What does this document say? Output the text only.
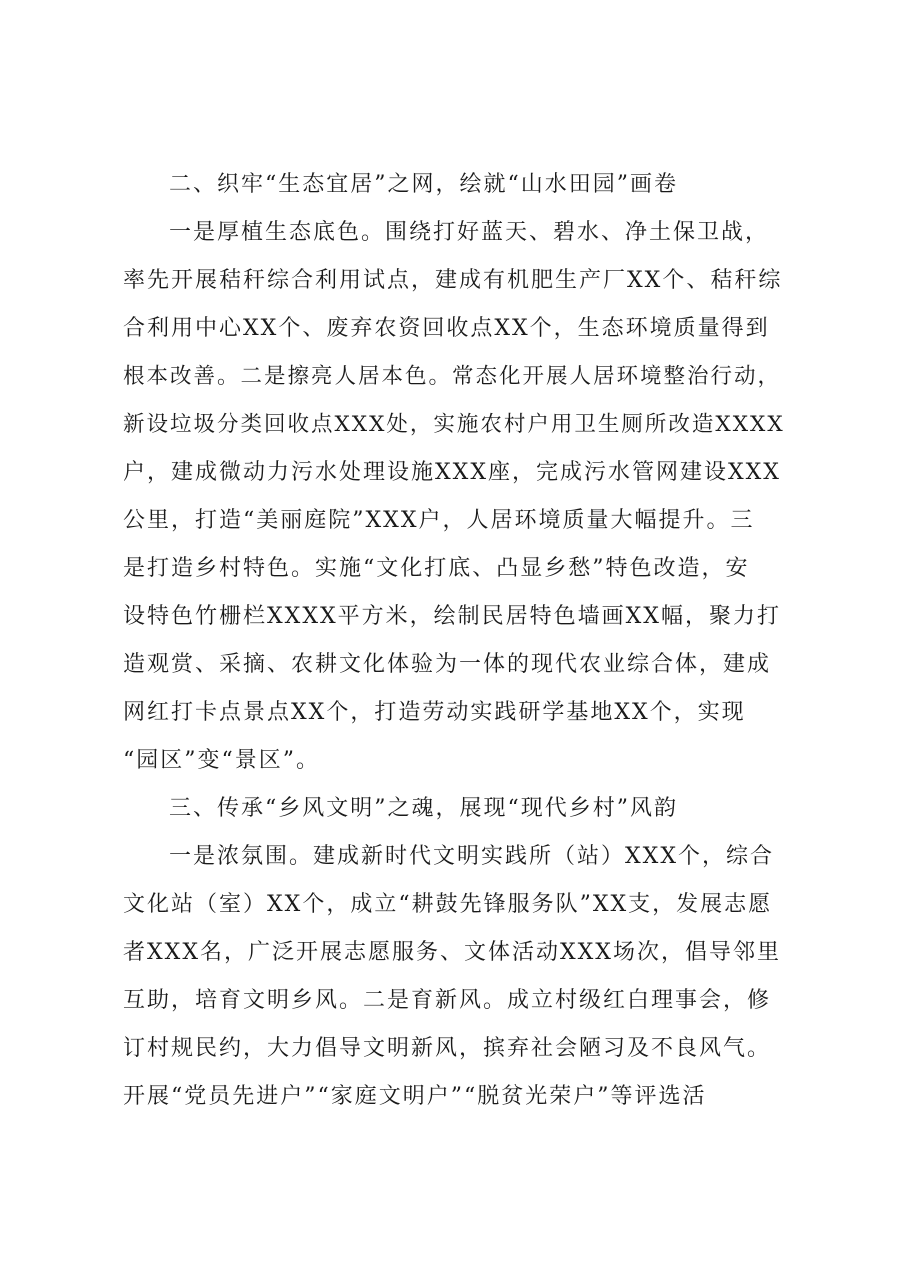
二、织牢“生态宜居”之网，绘就“山水田园”画卷
一是厚植生态底色。围绕打好蓝天、碧水、净土保卫战，
率先开展秸秆综合利用试点，建成有机肥生产厂XX个、秸秆综
合利用中心XX个、废弃农资回收点XX个，生态环境质量得到
根本改善。二是擦亮人居本色。常态化开展人居环境整治行动，
新设垃圾分类回收点XXX处，实施农村户用卫生厕所改造XXXX
户，建成微动力污水处理设施XXX座，完成污水管网建设XXX
公里，打造“美丽庭院”XXX户，人居环境质量大幅提升。三
是打造乡村特色。实施“文化打底、凸显乡愁”特色改造，安
设特色竹栅栏XXXX平方米，绘制民居特色墙画XX幅，聚力打
造观赏、采摘、农耕文化体验为一体的现代农业综合体，建成
网红打卡点景点XX个，打造劳动实践研学基地XX个，实现
“园区”变“景区”。
三、传承“乡风文明”之魂，展现“现代乡村”风韵
一是浓氛围。建成新时代文明实践所（站）XXX个，综合
文化站（室）XX个，成立“耕鼓先锋服务队”XX支，发展志愿
者XXX名，广泛开展志愿服务、文体活动XXX场次，倡导邻里
互助，培育文明乡风。二是育新风。成立村级红白理事会，修
订村规民约，大力倡导文明新风，摈弃社会陋习及不良风气。
开展“党员先进户”“家庭文明户”“脱贫光荣户”等评选活
